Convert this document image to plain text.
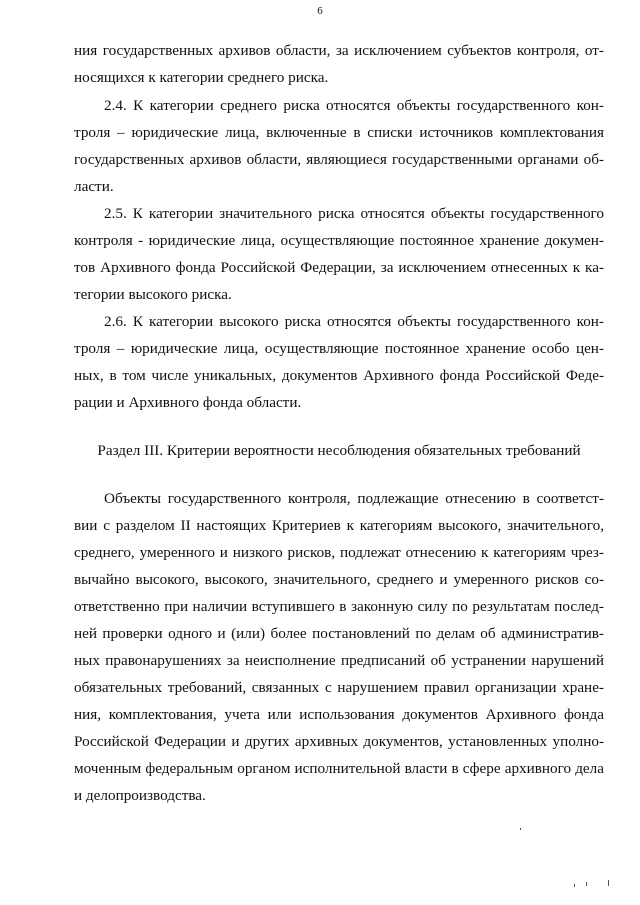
6
ния государственных архивов области, за исключением субъектов контроля, от-
носящихся к категории среднего риска.
2.4. К категории среднего риска относятся объекты государственного кон-
троля – юридические лица, включенные в списки источников комплектования
государственных архивов области, являющиеся государственными органами об-
ласти.
2.5. К категории значительного риска относятся объекты государственного
контроля - юридические лица, осуществляющие постоянное хранение докумен-
тов Архивного фонда Российской Федерации, за исключением отнесенных к ка-
тегории высокого риска.
2.6. К категории высокого риска относятся объекты государственного кон-
троля – юридические лица, осуществляющие постоянное хранение особо цен-
ных, в том числе уникальных, документов Архивного фонда Российской Феде-
рации и Архивного фонда области.
Раздел III. Критерии вероятности несоблюдения обязательных требований
Объекты государственного контроля, подлежащие отнесению в соответст-
вии с разделом II настоящих Критериев к категориям высокого, значительного,
среднего, умеренного и низкого рисков, подлежат отнесению к категориям чрез-
вычайно высокого, высокого, значительного, среднего и умеренного рисков со-
ответственно при наличии вступившего в законную силу по результатам послед-
ней проверки одного и (или) более постановлений по делам об административ-
ных правонарушениях за неисполнение предписаний об устранении нарушений
обязательных требований, связанных с нарушением правил организации хране-
ния, комплектования, учета или использования документов Архивного фонда
Российской Федерации и других архивных документов, установленных уполно-
моченным федеральным органом исполнительной власти в сфере архивного дела
и делопроизводства.
